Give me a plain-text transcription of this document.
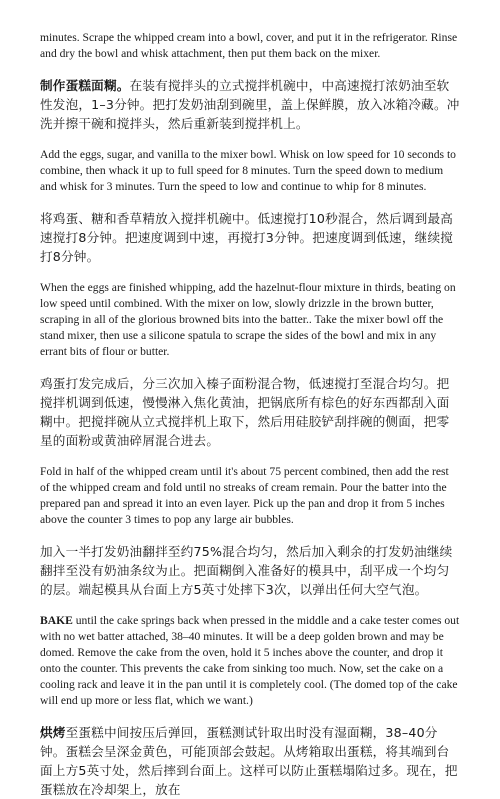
minutes. Scrape the whipped cream into a bowl, cover, and put it in the refrigerator. Rinse and dry the bowl and whisk attachment, then put them back on the mixer.

制作蛋糕面糊。在装有搅拌头的立式搅拌机碗中，中高速搅打浓奶油至软性发泡，1–3分钟。把打发奶油刮到碗里，盖上保鲜膜，放入冰箱冷藏。冲洗并擦干碗和搅拌头，然后重新装到搅拌机上。

Add the eggs, sugar, and vanilla to the mixer bowl. Whisk on low speed for 10 seconds to combine, then whack it up to full speed for 8 minutes. Turn the speed down to medium and whisk for 3 minutes. Turn the speed to low and continue to whip for 8 minutes.

将鸡蛋、糖和香草精放入搅拌机碗中。低速搅打10秒混合，然后调到最高速搅打8分钟。把速度调到中速，再搅打3分钟。把速度调到低速，继续搅打8分钟。

When the eggs are finished whipping, add the hazelnut-flour mixture in thirds, beating on low speed until combined. With the mixer on low, slowly drizzle in the brown butter, scraping in all of the glorious browned bits into the batter.. Take the mixer bowl off the stand mixer, then use a silicone spatula to scrape the sides of the bowl and mix in any errant bits of flour or butter.

鸡蛋打发完成后，分三次加入榛子面粉混合物，低速搅打至混合均匀。把搅拌机调到低速，慢慢淋入焦化黄油，把锅底所有棕色的好东西都刮入面糊中。把搅拌碗从立式搅拌机上取下，然后用硅胶铲刮拌碗的侧面，把零星的面粉或黄油碎屑混合进去。

Fold in half of the whipped cream until it's about 75 percent combined, then add the rest of the whipped cream and fold until no streaks of cream remain. Pour the batter into the prepared pan and spread it into an even layer. Pick up the pan and drop it from 5 inches above the counter 3 times to pop any large air bubbles.

加入一半打发奶油翻拌至约75%混合均匀，然后加入剩余的打发奶油继续翻拌至没有奶油条纹为止。把面糊倒入准备好的模具中，刮平成一个均匀的层。端起模具从台面上方5英寸处摔下3次，以弹出任何大空气泡。

BAKE until the cake springs back when pressed in the middle and a cake tester comes out with no wet batter attached, 38–40 minutes. It will be a deep golden brown and may be domed. Remove the cake from the oven, hold it 5 inches above the counter, and drop it onto the counter. This prevents the cake from sinking too much. Now, set the cake on a cooling rack and leave it in the pan until it is completely cool. (The domed top of the cake will end up more or less flat, which we want.)

烘烤至蛋糕中间按压后弹回，蛋糕测试针取出时没有湿面糊，38–40分钟。蛋糕会呈深金黄色，可能顶部会鼓起。从烤箱取出蛋糕，将其端到台面上方5英寸处，然后摔到台面上。这样可以防止蛋糕塌陷过多。现在，把蛋糕放在冷却架上，放在
